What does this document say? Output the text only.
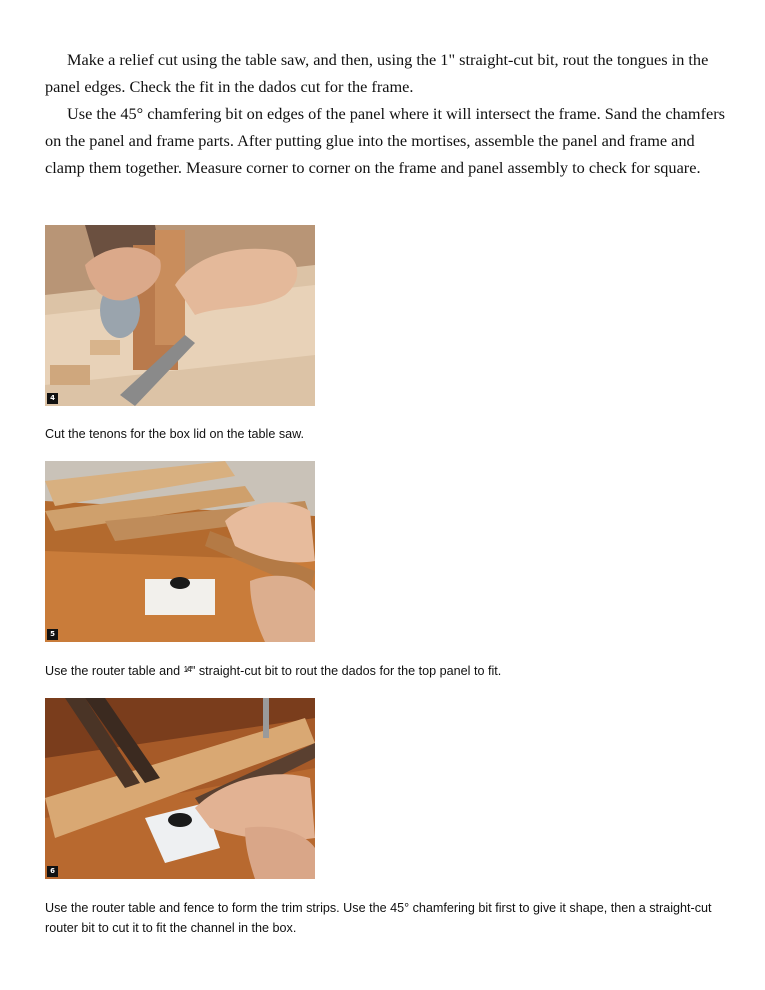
Make a relief cut using the table saw, and then, using the 1" straight-cut bit, rout the tongues in the panel edges. Check the fit in the dados cut for the frame.

Use the 45° chamfering bit on edges of the panel where it will intersect the frame. Sand the chamfers on the panel and frame parts. After putting glue into the mortises, assemble the panel and frame and clamp them together. Measure corner to corner on the frame and panel assembly to check for square.

4

Cut the tenons for the box lid on the table saw.

5

Use the router table and $^{1⁄4}$" straight-cut bit to rout the dados for the top panel to fit.

6

Use the router table and fence to form the trim strips. Use the 45° chamfering bit first to give it shape, then a straight-cut router bit to cut it to fit the channel in the box.
